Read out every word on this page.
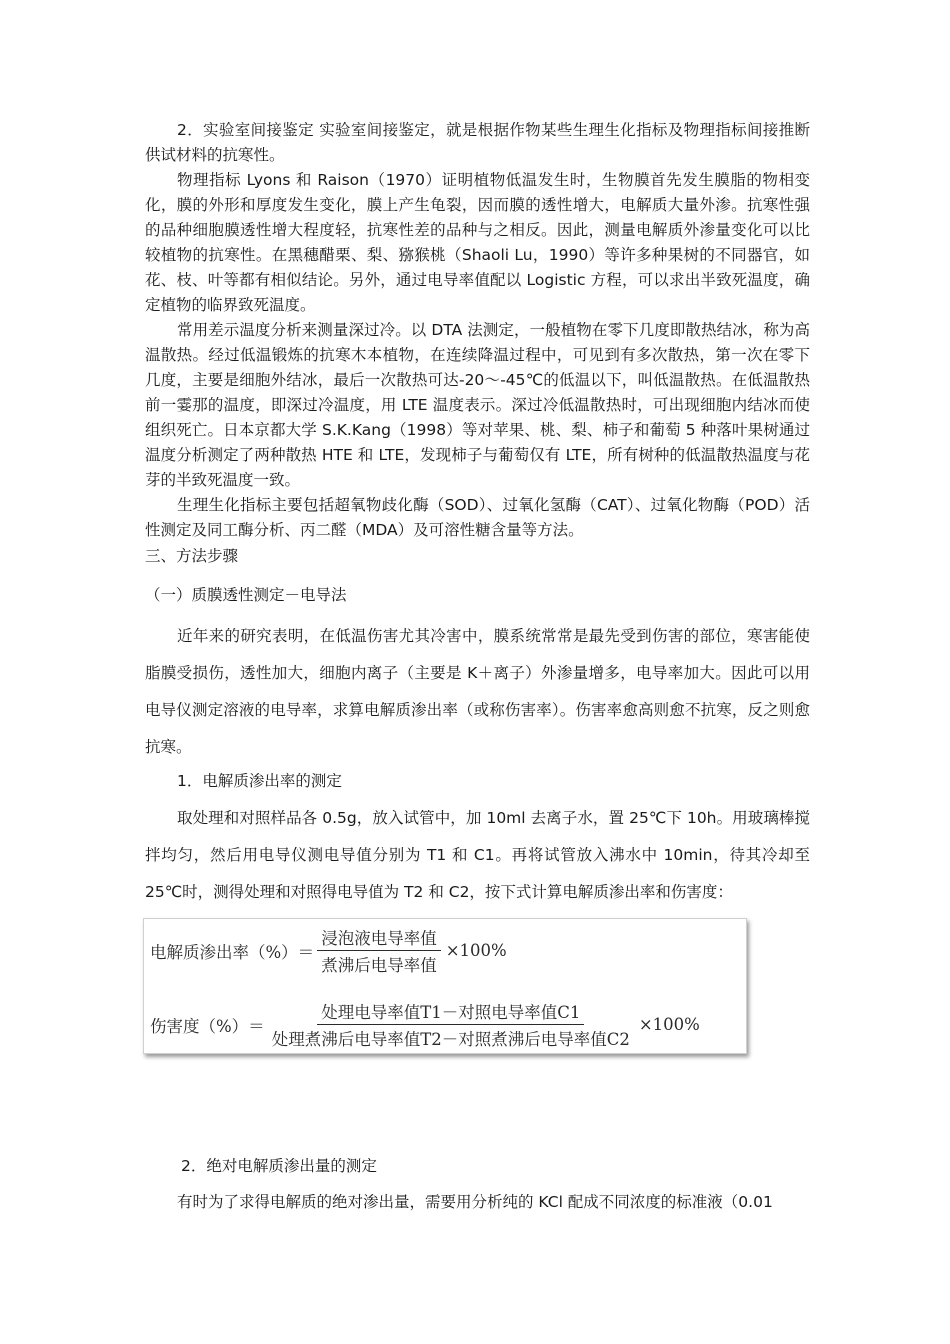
2．实验室间接鉴定 实验室间接鉴定，就是根据作物某些生理生化指标及物理指标间接推断供试材料的抗寒性。

物理指标 Lyons 和 Raison（1970）证明植物低温发生时，生物膜首先发生膜脂的物相变化，膜的外形和厚度发生变化，膜上产生龟裂，因而膜的透性增大，电解质大量外渗。抗寒性强的品种细胞膜透性增大程度轻，抗寒性差的品种与之相反。因此，测量电解质外渗量变化可以比较植物的抗寒性。在黑穗醋栗、梨、猕猴桃（Shaoli Lu，1990）等许多种果树的不同器官，如花、枝、叶等都有相似结论。另外，通过电导率值配以 Logistic 方程，可以求出半致死温度，确定植物的临界致死温度。

常用差示温度分析来测量深过冷。以 DTA 法测定，一般植物在零下几度即散热结冰，称为高温散热。经过低温锻炼的抗寒木本植物，在连续降温过程中，可见到有多次散热，第一次在零下几度，主要是细胞外结冰，最后一次散热可达-20～-45℃的低温以下，叫低温散热。在低温散热前一霎那的温度，即深过冷温度，用 LTE 温度表示。深过冷低温散热时，可出现细胞内结冰而使组织死亡。日本京都大学 S.K.Kang（1998）等对苹果、桃、梨、柿子和葡萄 5 种落叶果树通过温度分析测定了两种散热 HTE 和 LTE，发现柿子与葡萄仅有 LTE，所有树种的低温散热温度与花芽的半致死温度一致。

生理生化指标主要包括超氧物歧化酶（SOD）、过氧化氢酶（CAT）、过氧化物酶（POD）活性测定及同工酶分析、丙二醛（MDA）及可溶性糖含量等方法。

三、方法步骤

（一）质膜透性测定－电导法

近年来的研究表明，在低温伤害尤其冷害中，膜系统常常是最先受到伤害的部位，寒害能使脂膜受损伤，透性加大，细胞内离子（主要是 K＋离子）外渗量增多，电导率加大。因此可以用电导仪测定溶液的电导率，求算电解质渗出率（或称伤害率）。伤害率愈高则愈不抗寒，反之则愈抗寒。

1．电解质渗出率的测定

取处理和对照样品各 0.5g，放入试管中，加 10ml 去离子水，置 25℃下 10h。用玻璃棒搅拌均匀，然后用电导仪测电导值分别为 T1 和 C1。再将试管放入沸水中 10min，待其冷却至 25℃时，测得处理和对照得电导值为 T2 和 C2，按下式计算电解质渗出率和伤害度：

电解质渗出率（%）＝ $\frac{\text{浸泡液电导率值}}{\text{煮沸后电导率值}} \times 100\%$
伤害度（%）＝ $\frac{\text{处理电导率值T1－对照电导率值C1}}{\text{处理煮沸后电导率值T2－对照煮沸后电导率值C2}} \times 100\%$

2．绝对电解质渗出量的测定

有时为了求得电解质的绝对渗出量，需要用分析纯的 KCl 配成不同浓度的标准液（0.01
